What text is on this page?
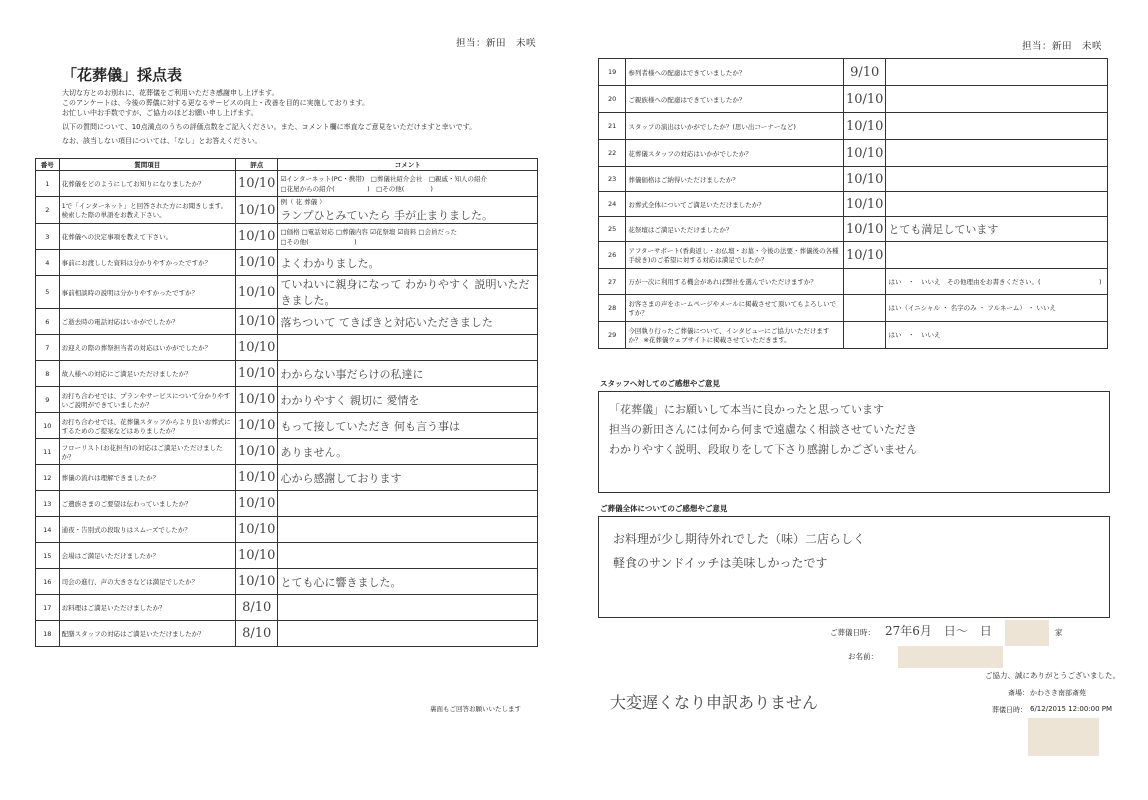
担当：新田　未咲
「花葬儀」採点表
大切な方とのお別れに、花葬儀をご利用いただき感謝申し上げます。
このアンケートは、今後の葬儀に対する更なるサービスの向上・改善を目的に実施しております。
お忙しい中お手数ですが、ご協力のほどお願い申し上げます。
以下の質問について、10点満点のうちの評価点数をご記入ください。また、コメント欄に率直なご意見をいただけますと幸いです。
なお、該当しない項目については、「なし」とお答えください。
番号	質問項目	評点	コメント
1	花葬儀をどのようにしてお知りになりましたか？	10/10	☑インターネット(PC・携帯)　□葬儀社紹介会社　□親戚・知人の紹介
□花屋からの紹介(　　　　　)　□その他(　　　　)

2	1で「インターネット」と回答された方にお聞きします。検索した際の単語をお教え下さい。	10/10	例（ 花 葬儀 ）
ランプひとみていたら 手が止まりました。

3	花葬儀への決定事項を教えて下さい。	10/10	□価格 □電話対応 □葬儀内容 ☑花祭壇 ☑資料 □会員だった
□その他(　　　　　　　)

4	事前にお渡しした資料は分かりやすかったですか？	10/10	よくわかりました。

5	事前相談時の説明は分かりやすかったですか？	10/10	ていねいに親身になって わかりやすく 説明いただきました。

6	ご逝去時の電話対応はいかがでしたか？	10/10	落ちついて てきぱきと対応いただきました

7	お迎えの際の葬祭担当者の対応はいかがでしたか？	10/10	

8	故人様への対応にご満足いただけましたか？	10/10	わからない事だらけの私達に

9	お打ち合わせでは、プランやサービスについて分かりやすいご説明ができていましたか？	10/10	わかりやすく 親切に 愛情を

10	お打ち合わせでは、花葬儀スタッフからより良いお葬式にするためのご提案などはありましたか？	10/10	もって接していただき 何も言う事は

11	フローリスト(お花担当)の対応はご満足いただけましたか？	10/10	ありません。

12	葬儀の流れは理解できましたか？	10/10	心から感謝しております

13	ご遺族さまのご要望は伝わっていましたか？	10/10	

14	通夜・告別式の段取りはスムーズでしたか？	10/10	

15	会場はご満足いただけましたか？	10/10	

16	司会の進行、声の大きさなどは満足でしたか？	10/10	とても心に響きました。

17	お料理はご満足いただけましたか？	8/10	

18	配膳スタッフの対応はご満足いただけましたか？	8/10	
裏面もご回答お願いいたします
担当：新田　未咲
19	参列者様への配慮はできていましたか？	9/10	

20	ご親族様への配慮はできていましたか？	10/10	

21	スタッフの演出はいかがでしたか？(思い出コーナーなど)	10/10	

22	花葬儀スタッフの対応はいかがでしたか？	10/10	

23	葬儀価格はご納得いただけましたか？	10/10	

24	お葬式全体についてご満足いただけましたか？	10/10	

25	花祭壇はご満足いただけましたか？	10/10	とても満足しています

26	アフターサポート(香典返し・お仏壇・お墓・今後の法要・葬儀後の各種手続き)のご希望に対する対応は満足でしたか？	10/10	

27	万が一次に利用する機会があれば弊社を選んでいただけますか？		はい　・　いいえ　その他理由をお書きください。(　　　　　　　　　)

28	お客さまの声をホームページやメールに掲載させて頂いてもよろしいですか？		はい（イニシャル ・ 名字のみ ・ フルネーム） ・ いいえ

29	今回執り行ったご葬儀について、インタビューにご協力いただけますか？ ※花葬儀ウェブサイトに掲載させていただきます。		はい　・　いいえ
スタッフへ対してのご感想やご意見
「花葬儀」にお願いして本当に良かったと思っています
担当の新田さんには何から何まで遠慮なく相談させていただき
わかりやすく説明、段取りをして下さり感謝しかございません
ご葬儀全体についてのご感想やご意見
お料理が少し期待外れでした（味）二店らしく
軽食のサンドイッチは美味しかったです
ご葬儀日時： 27年6月　日～　日	家
お名前：
ご協力、誠にありがとうございました。
大変遅くなり申訳ありません	斎場： かわさき南部斎苑
葬儀日時： 6/12/2015 12:00:00 PM
